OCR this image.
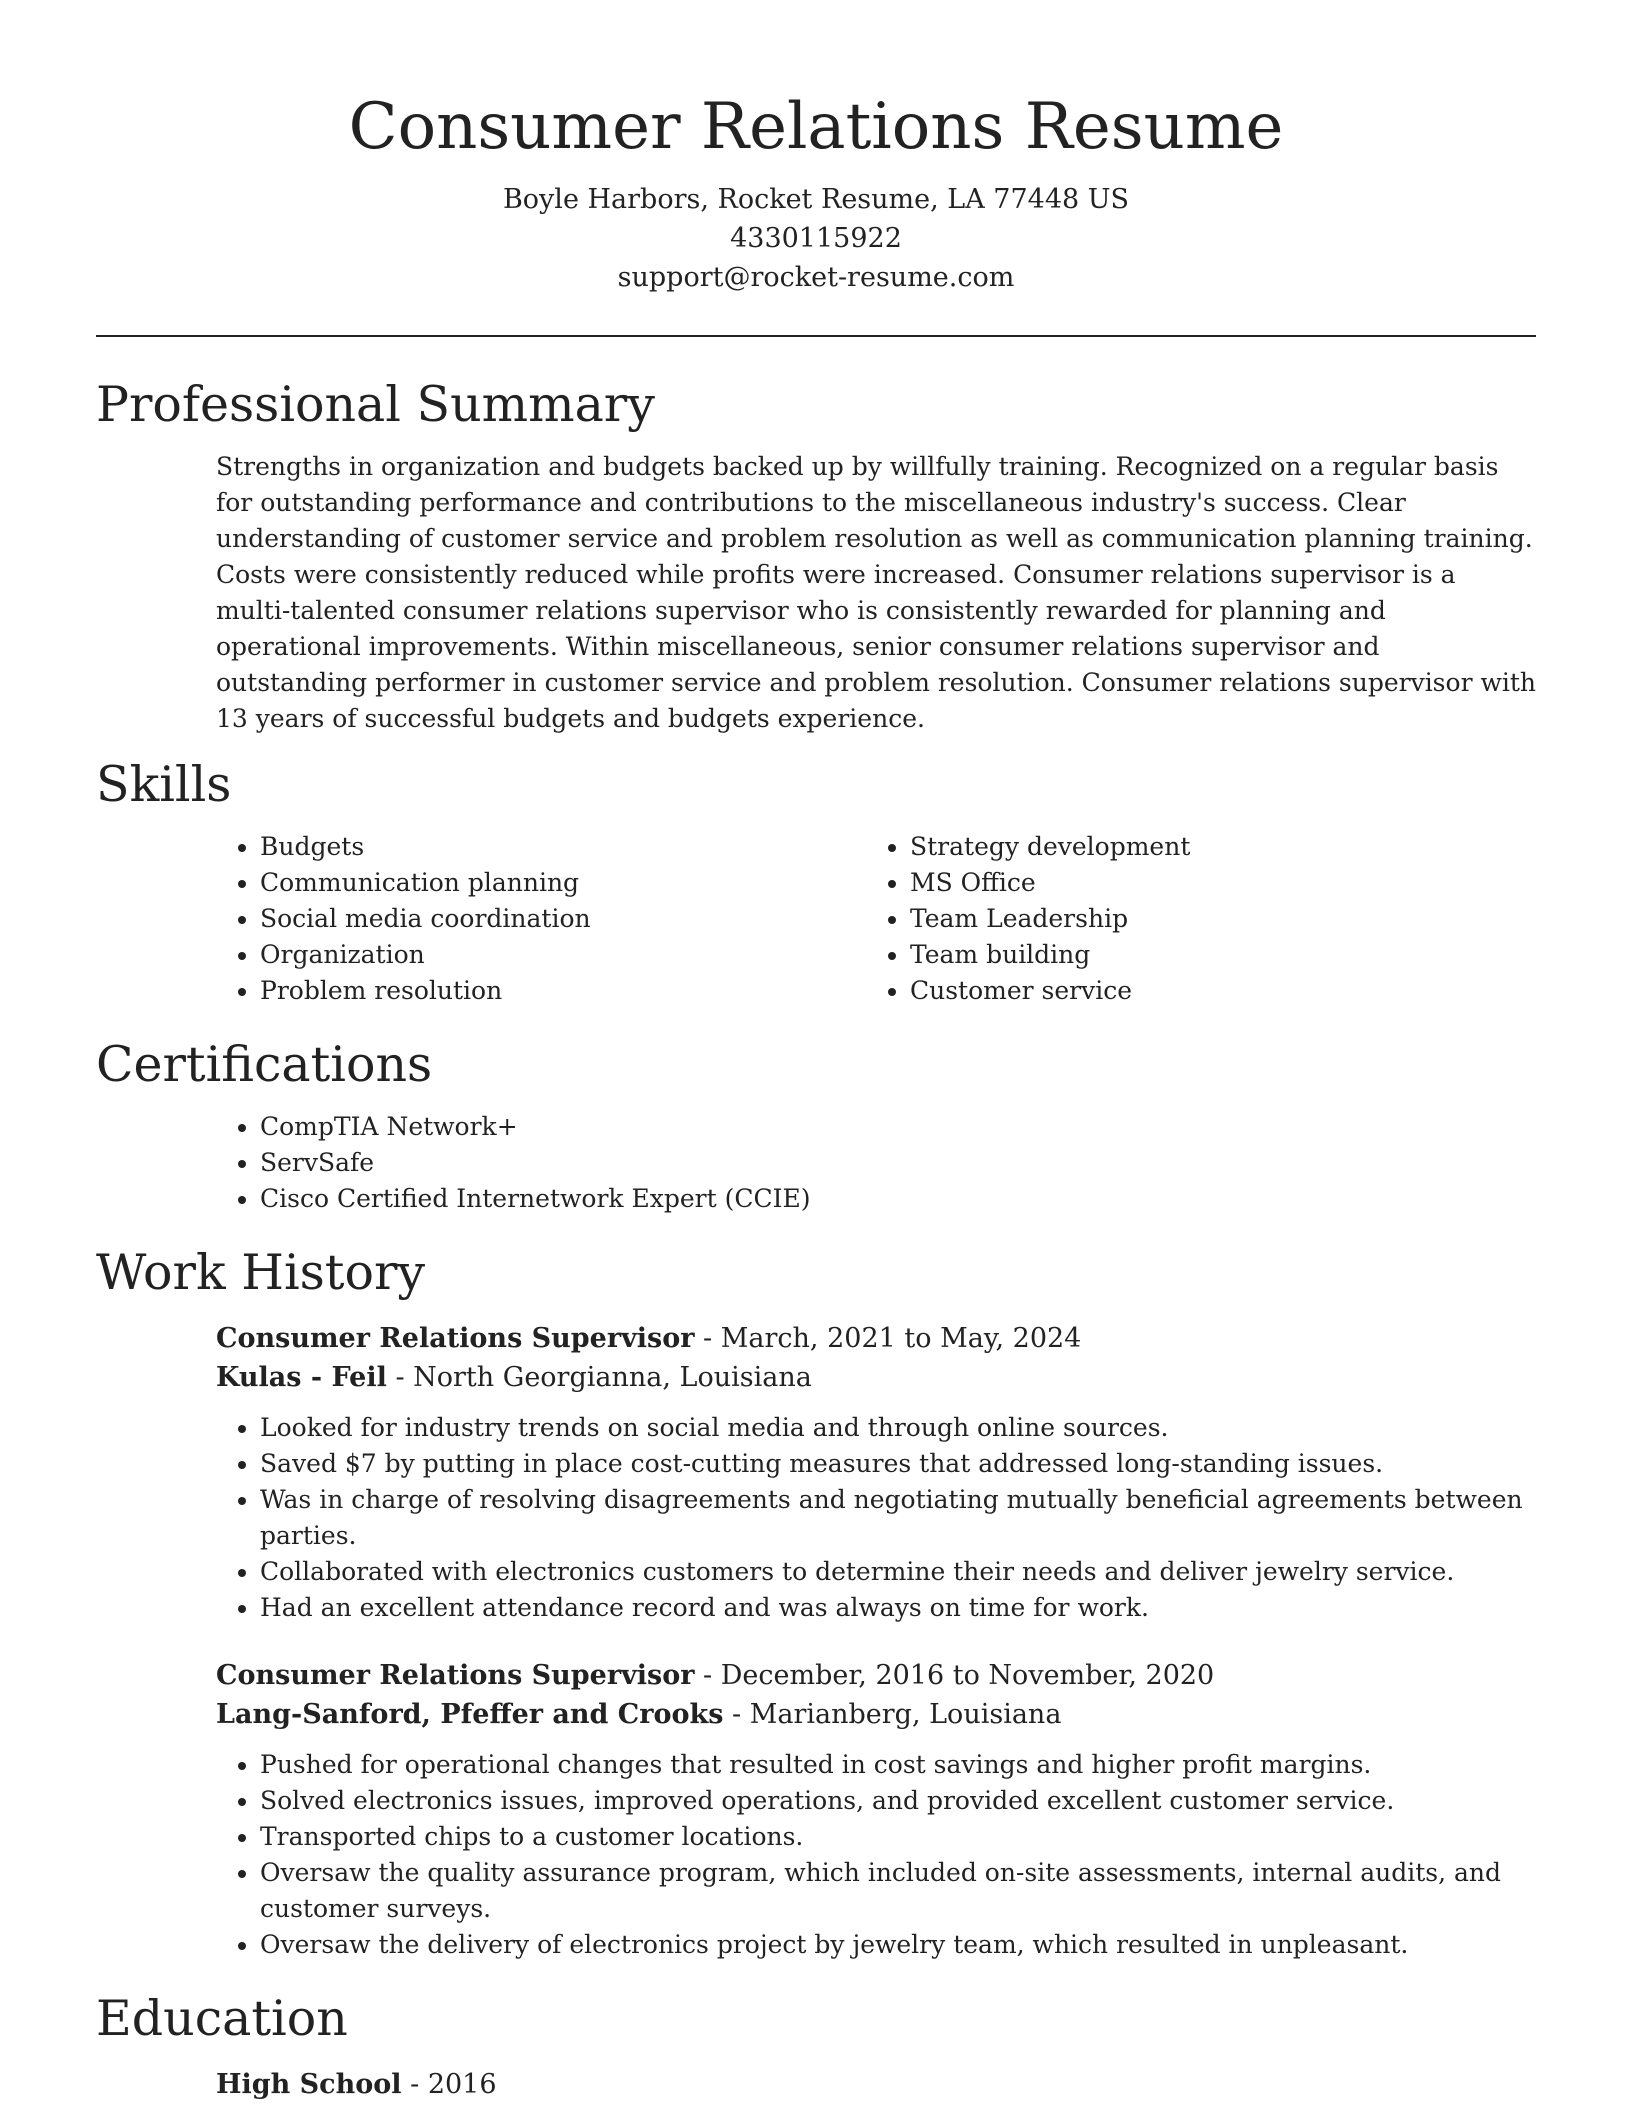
Consumer Relations Resume

Boyle Harbors, Rocket Resume, LA 77448 US

4330115922

support@rocket-resume.com

Professional Summary

Strengths in organization and budgets backed up by willfully training. Recognized on a regular basis for outstanding performance and contributions to the miscellaneous industry's success. Clear understanding of customer service and problem resolution as well as communication planning training. Costs were consistently reduced while profits were increased. Consumer relations supervisor is a multi-talented consumer relations supervisor who is consistently rewarded for planning and operational improvements. Within miscellaneous, senior consumer relations supervisor and outstanding performer in customer service and problem resolution. Consumer relations supervisor with 13 years of successful budgets and budgets experience.

Skills
• Budgets
• Communication planning
• Social media coordination
• Organization
• Problem resolution
• Strategy development
• MS Office
• Team Leadership
• Team building
• Customer service
Certifications
• CompTIA Network+
• ServSafe
• Cisco Certified Internetwork Expert (CCIE)
Work History

Consumer Relations Supervisor - March, 2021 to May, 2024

Kulas - Feil - North Georgianna, Louisiana

• Looked for industry trends on social media and through online sources.
• Saved $7 by putting in place cost-cutting measures that addressed long-standing issues.
• Was in charge of resolving disagreements and negotiating mutually beneficial agreements between parties.
• Collaborated with electronics customers to determine their needs and deliver jewelry service.
• Had an excellent attendance record and was always on time for work.

Consumer Relations Supervisor - December, 2016 to November, 2020

Lang-Sanford, Pfeffer and Crooks - Marianberg, Louisiana

• Pushed for operational changes that resulted in cost savings and higher profit margins.
• Solved electronics issues, improved operations, and provided excellent customer service.
• Transported chips to a customer locations.
• Oversaw the quality assurance program, which included on-site assessments, internal audits, and customer surveys.
• Oversaw the delivery of electronics project by jewelry team, which resulted in unpleasant.
Education

High School - 2016
